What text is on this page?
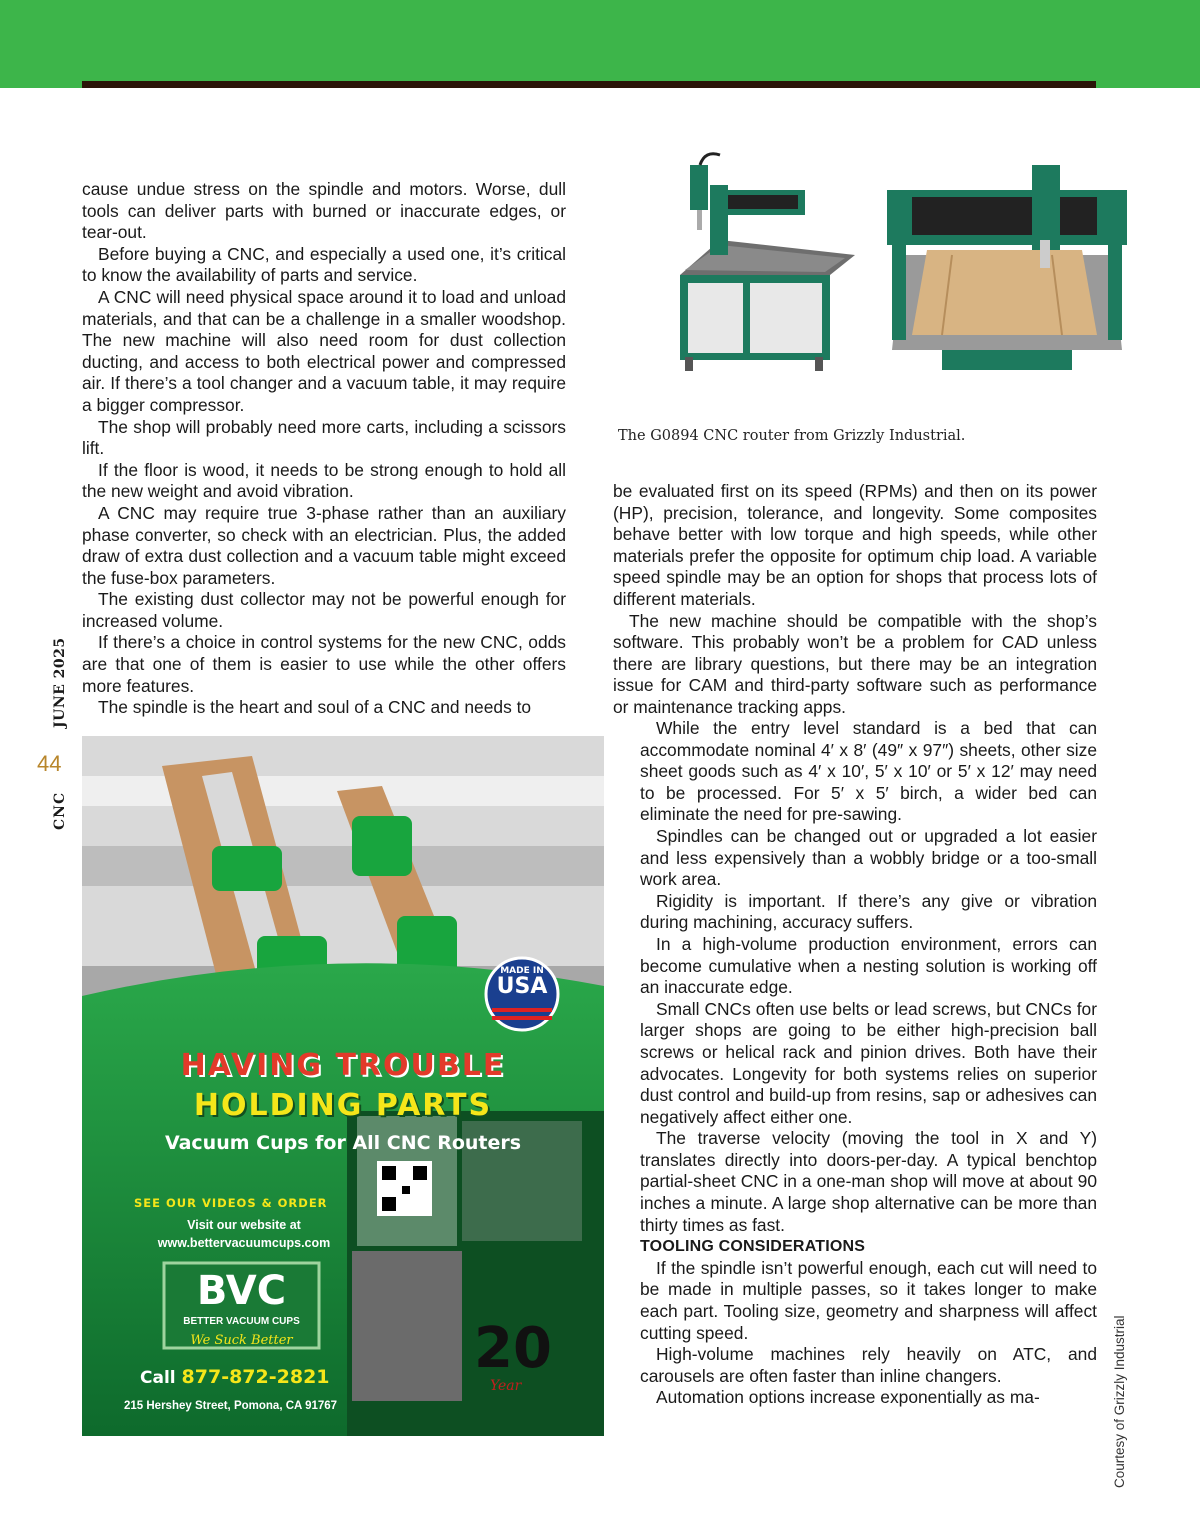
cause undue stress on the spindle and motors. Worse, dull tools can deliver parts with burned or inaccurate edges, or tear-out.

Before buying a CNC, and especially a used one, it’s critical to know the availability of parts and service.

A CNC will need physical space around it to load and unload materials, and that can be a challenge in a smaller woodshop. The new machine will also need room for dust collection ducting, and access to both electrical power and compressed air. If there’s a tool changer and a vacuum table, it may require a bigger compressor.

The shop will probably need more carts, including a scissors lift.

If the floor is wood, it needs to be strong enough to hold all the new weight and avoid vibration.

A CNC may require true 3-phase rather than an auxiliary phase converter, so check with an electrician. Plus, the added draw of extra dust collection and a vacuum table might exceed the fuse-box parameters.

The existing dust collector may not be powerful enough for increased volume.

If there’s a choice in control systems for the new CNC, odds are that one of them is easier to use while the other offers more features.

The spindle is the heart and soul of a CNC and needs to

The G0894 CNC router from Grizzly Industrial.

be evaluated first on its speed (RPMs) and then on its power (HP), precision, tolerance, and longevity. Some composites behave better with low torque and high speeds, while other materials prefer the opposite for optimum chip load. A variable speed spindle may be an option for shops that process lots of different materials.

The new machine should be compatible with the shop’s software. This probably won’t be a problem for CAD unless there are library questions, but there may be an integration issue for CAM and third-party software such as performance or maintenance tracking apps.

While the entry level standard is a bed that can accommodate nominal 4′ x 8′ (49″ x 97″) sheets, other size sheet goods such as 4′ x 10′, 5′ x 10′ or 5′ x 12′ may need to be processed. For 5′ x 5′ birch, a wider bed can eliminate the need for pre-sawing.

Spindles can be changed out or upgraded a lot easier and less expensively than a wobbly bridge or a too-small work area.

Rigidity is important. If there’s any give or vibration during machining, accuracy suffers.

In a high-volume production environment, errors can become cumulative when a nesting solution is working off an inaccurate edge.

Small CNCs often use belts or lead screws, but CNCs for larger shops are going to be either high-precision ball screws or helical rack and pinion drives. Both have their advocates. Longevity for both systems relies on superior dust control and build-up from resins, sap or adhesives can negatively affect either one.

The traverse velocity (moving the tool in X and Y) translates directly into doors-per-day. A typical benchtop partial-sheet CNC in a one-man shop will move at about 90 inches a minute. A large shop alternative can be more than thirty times as fast.

TOOLING CONSIDERATIONS

If the spindle isn’t powerful enough, each cut will need to be made in multiple passes, so it takes longer to make each part. Tooling size, geometry and sharpness will affect cutting speed.

High-volume machines rely heavily on ATC, and carousels are often faster than inline changers.

Automation options increase exponentially as ma-

JUNE 2025
44
CNC
Courtesy of Grizzly Industrial
MADE IN
USA
HAVING TROUBLE
HOLDING PARTS
Vacuum Cups for All CNC Routers
SEE OUR VIDEOS & ORDER
Visit our website at
www.bettervacuumcups.com
BVC
BETTER VACUUM CUPS
We Suck Better
Call 877-872-2821
215 Hershey Street, Pomona, CA 91767
20
Year
